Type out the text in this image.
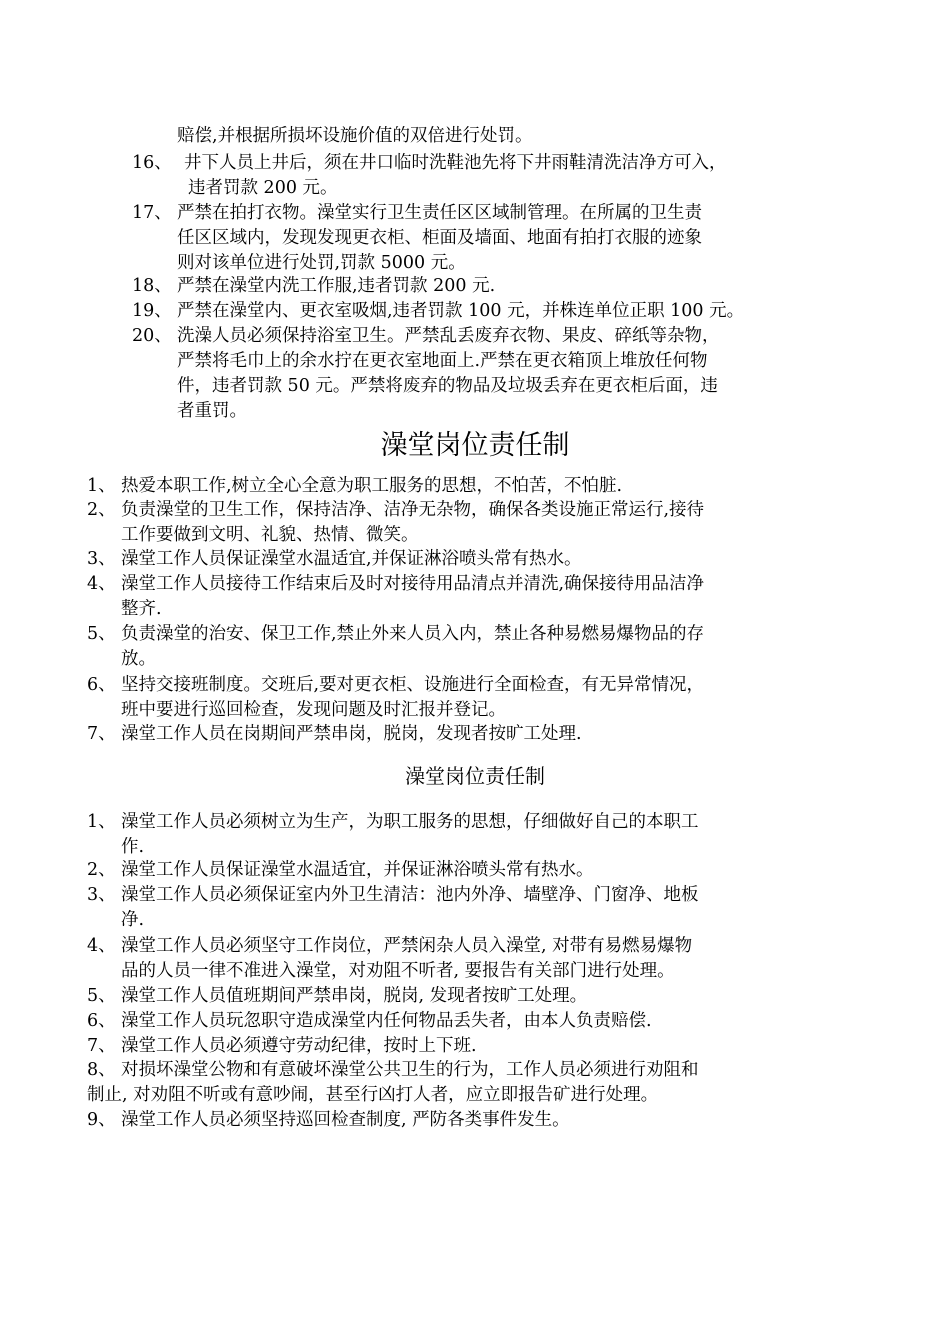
赔偿,并根据所损坏设施价值的双倍进行处罚。
16、 井下人员上井后，须在井口临时洗鞋池先将下井雨鞋清洗洁净方可入，
违者罚款 200 元。
17、 严禁在拍打衣物。澡堂实行卫生责任区区域制管理。在所属的卫生责
任区区域内，发现发现更衣柜、柜面及墙面、地面有拍打衣服的迹象
则对该单位进行处罚,罚款 5000 元。
18、 严禁在澡堂内洗工作服,违者罚款 200 元.
19、 严禁在澡堂内、更衣室吸烟,违者罚款 100 元，并株连单位正职 100 元。
20、 洗澡人员必须保持浴室卫生。严禁乱丢废弃衣物、果皮、碎纸等杂物，
严禁将毛巾上的余水拧在更衣室地面上.严禁在更衣箱顶上堆放任何物
件，违者罚款 50 元。严禁将废弃的物品及垃圾丢弃在更衣柜后面，违
者重罚。
澡堂岗位责任制
1、 热爱本职工作,树立全心全意为职工服务的思想，不怕苦，不怕脏.
2、 负责澡堂的卫生工作，保持洁净、洁净无杂物，确保各类设施正常运行,接待
工作要做到文明、礼貌、热情、微笑。
3、 澡堂工作人员保证澡堂水温适宜,并保证淋浴喷头常有热水。
4、 澡堂工作人员接待工作结束后及时对接待用品清点并清洗,确保接待用品洁净
整齐.
5、 负责澡堂的治安、保卫工作,禁止外来人员入内，禁止各种易燃易爆物品的存
放。
6、 坚持交接班制度。交班后,要对更衣柜、设施进行全面检查，有无异常情况，
班中要进行巡回检查，发现问题及时汇报并登记。
7、 澡堂工作人员在岗期间严禁串岗，脱岗，发现者按旷工处理.
澡堂岗位责任制
1、 澡堂工作人员必须树立为生产，为职工服务的思想，仔细做好自己的本职工
作.
2、 澡堂工作人员保证澡堂水温适宜，并保证淋浴喷头常有热水。
3、 澡堂工作人员必须保证室内外卫生清洁：池内外净、墙壁净、门窗净、地板
净.
4、 澡堂工作人员必须坚守工作岗位，严禁闲杂人员入澡堂, 对带有易燃易爆物
品的人员一律不准进入澡堂，对劝阻不听者, 要报告有关部门进行处理。
5、 澡堂工作人员值班期间严禁串岗，脱岗, 发现者按旷工处理。
6、 澡堂工作人员玩忽职守造成澡堂内任何物品丢失者，由本人负责赔偿.
7、 澡堂工作人员必须遵守劳动纪律，按时上下班.
8、 对损坏澡堂公物和有意破坏澡堂公共卫生的行为，工作人员必须进行劝阻和
制止, 对劝阻不听或有意吵闹，甚至行凶打人者，应立即报告矿进行处理。
9、 澡堂工作人员必须坚持巡回检查制度, 严防各类事件发生。
